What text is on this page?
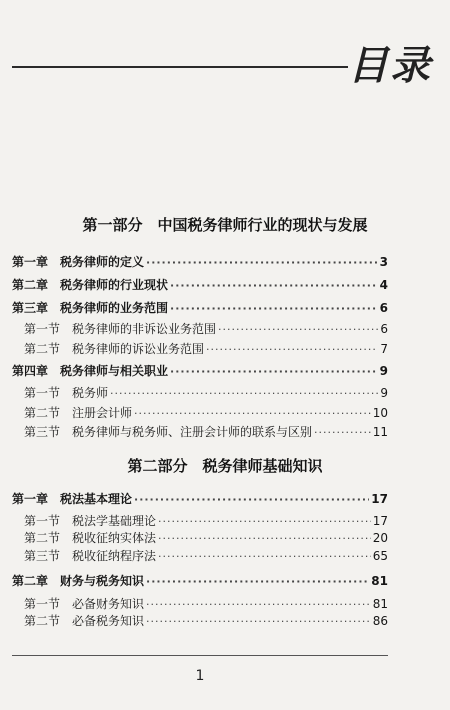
目录
第一部分　中国税务律师行业的现状与发展
第一章　税务律师的定义 ·····	3
第二章　税务律师的行业现状 ·····	4
第三章　税务律师的业务范围 ·····	6
第一节　税务律师的非诉讼业务范围 ·····	6
第二节　税务律师的诉讼业务范围 ·····	7
第四章　税务律师与相关职业 ·····	9
第一节　税务师 ·····	9
第二节　注册会计师 ·····	10
第三节　税务律师与税务师、注册会计师的联系与区别 ·····	11
第二部分　税务律师基础知识
第一章　税法基本理论 ·····	17
第一节　税法学基础理论 ·····	17
第二节　税收征纳实体法 ·····	20
第三节　税收征纳程序法 ·····	65
第二章　财务与税务知识 ·····	81
第一节　必备财务知识 ·····	81
第二节　必备税务知识 ·····	86
1
